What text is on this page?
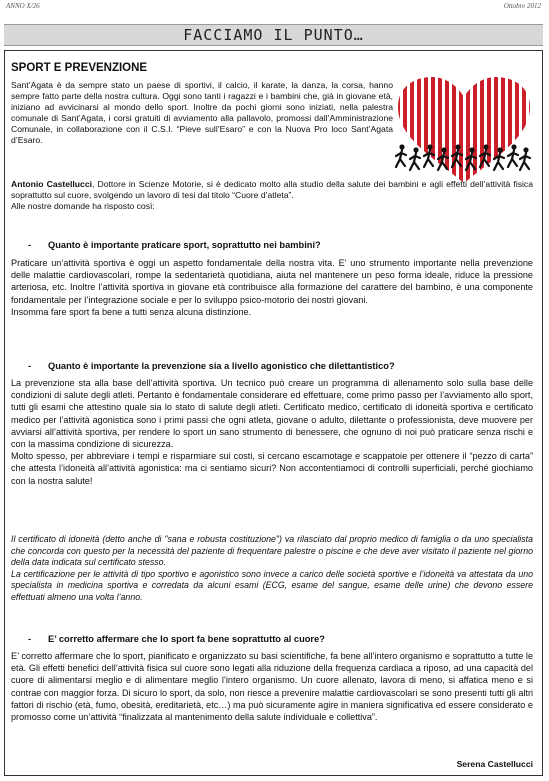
ANNO X/26	Ottobre 2012
FACCIAMO IL PUNTO…
SPORT E PREVENZIONE
Sant’Agata è da sempre stato un paese di sportivi, il calcio, il karate, la danza, la corsa, hanno sempre fatto parte della nostra cultura. Oggi sono tanti i ragazzi e i bambini che, già in giovane età, iniziano ad avvicinarsi al mondo dello sport. Inoltre da pochi giorni sono iniziati, nella palestra comunale di Sant’Agata, i corsi gratuiti di avviamento alla pallavolo, promossi dall’Amministrazione Comunale, in collaborazione con il C.S.I. “Pieve sull’Esaro” e con la Nuova Pro loco Sant’Agata d’Esaro.
Antonio Castellucci, Dottore in Scienze Motorie, si è dedicato molto alla studio della salute dei bambini e agli effetti dell’attività fisica soprattutto sul cuore, svolgendo un lavoro di tesi dal titolo “Cuore d’atleta”.
Alle nostre domande ha risposto così:
- Quanto è importante praticare sport, soprattutto nei bambini?
Praticare un’attività sportiva è oggi un aspetto fondamentale della nostra vita. E’ uno strumento importante nella prevenzione delle malattie cardiovascolari, rompe la sedentarietà quotidiana, aiuta nel mantenere un peso forma ideale, riduce la pressione arteriosa, etc. Inoltre l’attività sportiva in giovane età contribuisce alla formazione del carattere del bambino, è una componente fondamentale per l’integrazione sociale e per lo sviluppo psico-motorio dei nostri giovani.
Insomma fare sport fa bene a tutti senza alcuna distinzione.
- Quanto è importante la prevenzione sia a livello agonistico che dilettantistico?
La prevenzione sta alla base dell’attività sportiva. Un tecnico può creare un programma di allenamento solo sulla base delle condizioni di salute degli atleti. Pertanto è fondamentale considerare ed effettuare, come primo passo per l’avviamento allo sport, tutti gli esami che attestino quale sia lo stato di salute degli atleti. Certificato medico, certificato di idoneità sportiva e certificato medico per l’attività agonistica sono i primi passi che ogni atleta, giovane o adulto, dilettante o professionista, deve muovere per avviarsi all’attività sportiva, per rendere lo sport un sano strumento di benessere, che ognuno di noi può praticare senza rischi e con la massima condizione di sicurezza.
Molto spesso, per abbreviare i tempi e risparmiare sui costi, si cercano escamotage e scappatoie per ottenere il “pezzo di carta” che attesta l’idoneità all’attività agonistica: ma ci sentiamo sicuri? Non accontentiamoci di controlli superficiali, perché giochiamo con la nostra salute!
Il certificato di idoneità (detto anche di "sana e robusta costituzione") va rilasciato dal proprio medico di famiglia o da uno specialista che concorda con questo per la necessità del paziente di frequentare palestre o piscine e che deve aver visitato il paziente nel giorno della data indicata sul certificato stesso.
La certificazione per le attività di tipo sportivo e agonistico sono invece a carico delle società sportive e l’idoneità va attestata da uno specialista in medicina sportiva e corredata da alcuni esami (ECG, esame del sangue, esame delle urine) che devono essere effettuati almeno una volta l’anno.
- E’ corretto affermare che lo sport fa bene soprattutto al cuore?
E’ corretto affermare che lo sport, pianificato e organizzato su basi scientifiche, fa bene all’intero organismo e soprattutto a tutte le età. Gli effetti benefici dell’attività fisica sul cuore sono legati alla riduzione della frequenza cardiaca a riposo, ad una capacità del cuore di alimentarsi meglio e di alimentare meglio l’intero organismo. Un cuore allenato, lavora di meno, si affatica meno e si contrae con maggior forza. Di sicuro lo sport, da solo, non riesce a prevenire malattie cardiovascolari se sono presenti tutti gli altri fattori di rischio (età, fumo, obesità, ereditarietà, etc…) ma può sicuramente agire in maniera significativa ed essere considerato e promosso come un’attività “finalizzata al mantenimento della salute individuale e collettiva”.
Serena Castellucci
